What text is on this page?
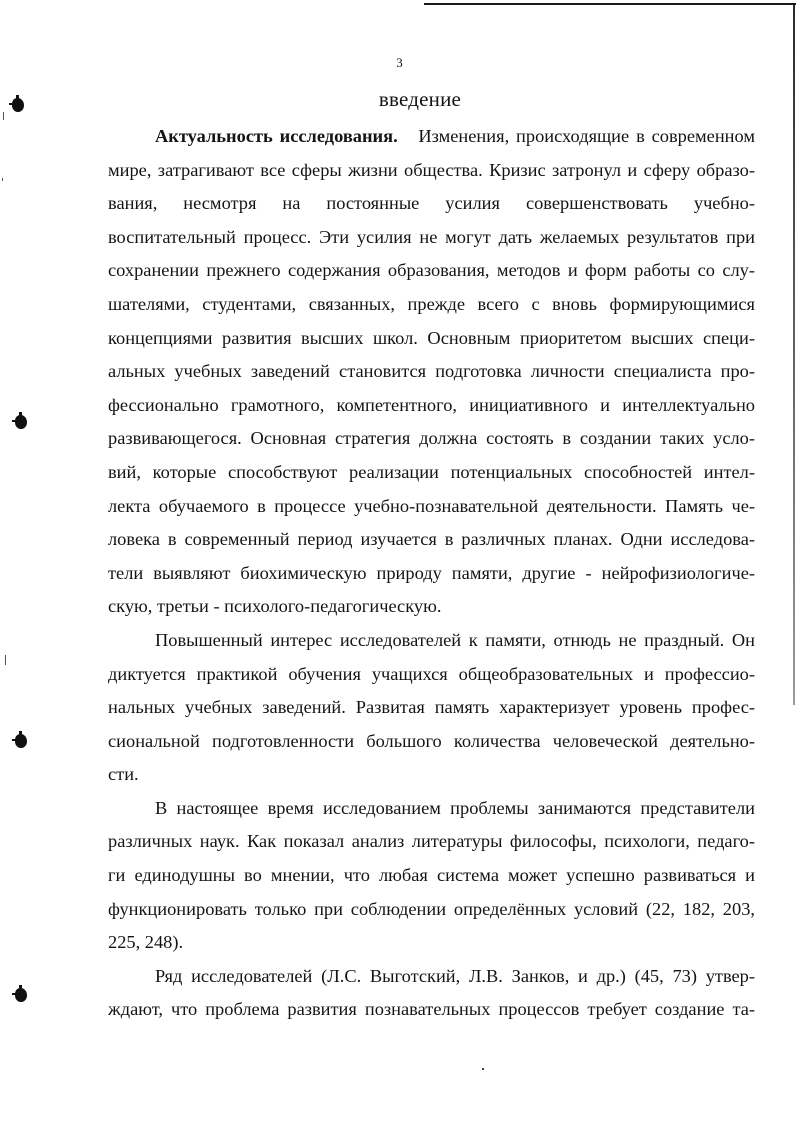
3
введение
Актуальность исследования. Изменения, происходящие в современном
мире, затрагивают все сферы жизни общества. Кризис затронул и сферу образо-
вания, несмотря на постоянные усилия совершенствовать учебно-
воспитательный процесс. Эти усилия не могут дать желаемых результатов при
сохранении прежнего содержания образования, методов и форм работы со слу-
шателями, студентами, связанных, прежде всего с вновь формирующимися
концепциями развития высших школ. Основным приоритетом высших специ-
альных учебных заведений становится подготовка личности специалиста про-
фессионально грамотного, компетентного, инициативного и интеллектуально
развивающегося. Основная стратегия должна состоять в создании таких усло-
вий, которые способствуют реализации потенциальных способностей интел-
лекта обучаемого в процессе учебно-познавательной деятельности. Память че-
ловека в современный период изучается в различных планах. Одни исследова-
тели выявляют биохимическую природу памяти, другие - нейрофизиологиче-
скую, третьи - психолого-педагогическую.
Повышенный интерес исследователей к памяти, отнюдь не праздный. Он
диктуется практикой обучения учащихся общеобразовательных и профессио-
нальных учебных заведений. Развитая память характеризует уровень профес-
сиональной подготовленности большого количества человеческой деятельно-
сти.
В настоящее время исследованием проблемы занимаются представители
различных наук. Как показал анализ литературы философы, психологи, педаго-
ги единодушны во мнении, что любая система может успешно развиваться и
функционировать только при соблюдении определённых условий (22, 182, 203,
225, 248).
Ряд исследователей (Л.С. Выготский, Л.В. Занков, и др.) (45, 73) утвер-
ждают, что проблема развития познавательных процессов требует создание та-
